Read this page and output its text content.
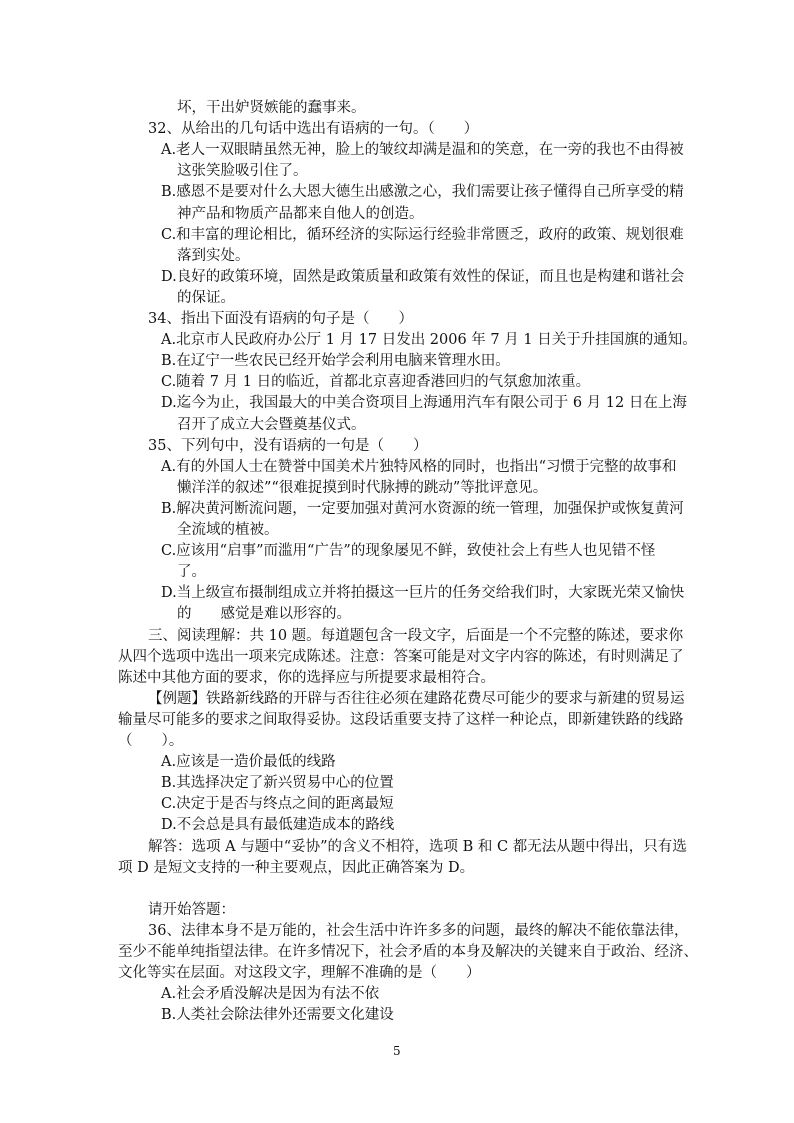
坏，干出妒贤嫉能的蠢事来。
32、从给出的几句话中选出有语病的一句。（　　）
A.老人一双眼睛虽然无神，脸上的皱纹却满是温和的笑意，在一旁的我也不由得被
这张笑脸吸引住了。
B.感恩不是要对什么大恩大德生出感激之心，我们需要让孩子懂得自己所享受的精
神产品和物质产品都来自他人的创造。
C.和丰富的理论相比，循环经济的实际运行经验非常匮乏，政府的政策、规划很难
落到实处。
D.良好的政策环境，固然是政策质量和政策有效性的保证，而且也是构建和谐社会
的保证。
34、指出下面没有语病的句子是（　　）
A.北京市人民政府办公厅 1 月 17 日发出 2006 年 7 月 1 日关于升挂国旗的通知。
B.在辽宁一些农民已经开始学会利用电脑来管理水田。
C.随着 7 月 1 日的临近，首都北京喜迎香港回归的气氛愈加浓重。
D.迄今为止，我国最大的中美合资项目上海通用汽车有限公司于 6 月 12 日在上海
召开了成立大会暨奠基仪式。
35、下列句中，没有语病的一句是（　　）
A.有的外国人士在赞誉中国美术片独特风格的同时，也指出“习惯于完整的故事和
懒洋洋的叙述”“很难捉摸到时代脉搏的跳动”等批评意见。
B.解决黄河断流问题，一定要加强对黄河水资源的统一管理，加强保护或恢复黄河
全流域的植被。
C.应该用“启事”而滥用“广告”的现象屡见不鲜，致使社会上有些人也见错不怪
了。
D.当上级宣布摄制组成立并将拍摄这一巨片的任务交给我们时，大家既光荣又愉快
的　　感觉是难以形容的。
三、阅读理解：共 10 题。每道题包含一段文字，后面是一个不完整的陈述，要求你
从四个选项中选出一项来完成陈述。注意：答案可能是对文字内容的陈述，有时则满足了
陈述中其他方面的要求，你的选择应与所提要求最相符合。
【例题】铁路新线路的开辟与否往往必须在建路花费尽可能少的要求与新建的贸易运
输量尽可能多的要求之间取得妥协。这段话重要支持了这样一种论点，即新建铁路的线路
（　　）。
A.应该是一造价最低的线路
B.其选择决定了新兴贸易中心的位置
C.决定于是否与终点之间的距离最短
D.不会总是具有最低建造成本的路线
解答：选项 A 与题中“妥协”的含义不相符，选项 B 和 C 都无法从题中得出，只有选
项 D 是短文支持的一种主要观点，因此正确答案为 D。
请开始答题：
36、法律本身不是万能的，社会生活中许许多多的问题，最终的解决不能依靠法律，
至少不能单纯指望法律。在许多情况下，社会矛盾的本身及解决的关键来自于政治、经济、
文化等实在层面。对这段文字，理解不准确的是（　　）
A.社会矛盾没解决是因为有法不依
B.人类社会除法律外还需要文化建设
5
